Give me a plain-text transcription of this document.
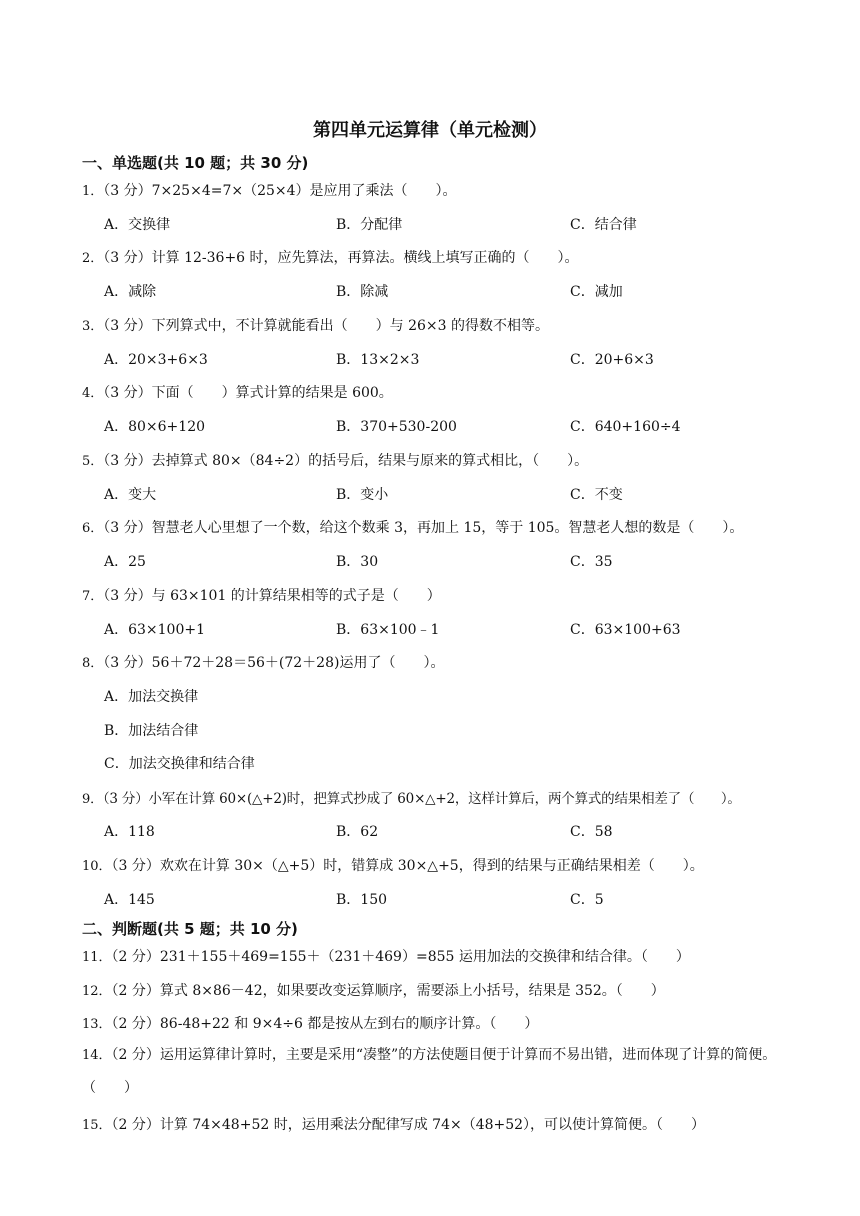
第四单元运算律（单元检测）
一、单选题(共 10 题；共 30 分)
1．（3 分）7×25×4=7×（25×4）是应用了乘法（　　）。
A．交换律	B．分配律	C．结合律
2．（3 分）计算 12-36+6 时，应先算法，再算法。横线上填写正确的（　　）。
A．减除	B．除减	C．减加
3．（3 分）下列算式中，不计算就能看出（　　）与 26×3 的得数不相等。
A．20×3+6×3	B．13×2×3	C．20+6×3
4．（3 分）下面（　　）算式计算的结果是 600。
A．80×6+120	B．370+530-200	C．640+160÷4
5．（3 分）去掉算式 80×（84÷2）的括号后，结果与原来的算式相比，（　　）。
A．变大	B．变小	C．不变
6．（3 分）智慧老人心里想了一个数，给这个数乘 3，再加上 15，等于 105。智慧老人想的数是（　　）。
A．25	B．30	C．35
7．（3 分）与 63×101 的计算结果相等的式子是（　　）
A．63×100+1	B．63×100﹣1	C．63×100+63
8．（3 分）56＋72＋28＝56＋(72＋28)运用了（　　）。
A．加法交换律
B．加法结合律
C．加法交换律和结合律
9．（3 分）小军在计算 60×(△+2)时，把算式抄成了 60×△+2，这样计算后，两个算式的结果相差了（　　）。
A．118	B．62	C．58
10．（3 分）欢欢在计算 30×（△+5）时，错算成 30×△+5，得到的结果与正确结果相差（　　）。
A．145	B．150	C．5
二、判断题(共 5 题；共 10 分)
11．（2 分）231＋155＋469=155＋（231＋469）=855 运用加法的交换律和结合律。（　　）
12．（2 分）算式 8×86－42，如果要改变运算顺序，需要添上小括号，结果是 352。（　　）
13．（2 分）86-48+22 和 9×4÷6 都是按从左到右的顺序计算。（　　）
14．（2 分）运用运算律计算时，主要是采用“凑整”的方法使题目便于计算而不易出错，进而体现了计算的简便。（　　）
15．（2 分）计算 74×48+52 时，运用乘法分配律写成 74×（48+52），可以使计算简便。（　　）
